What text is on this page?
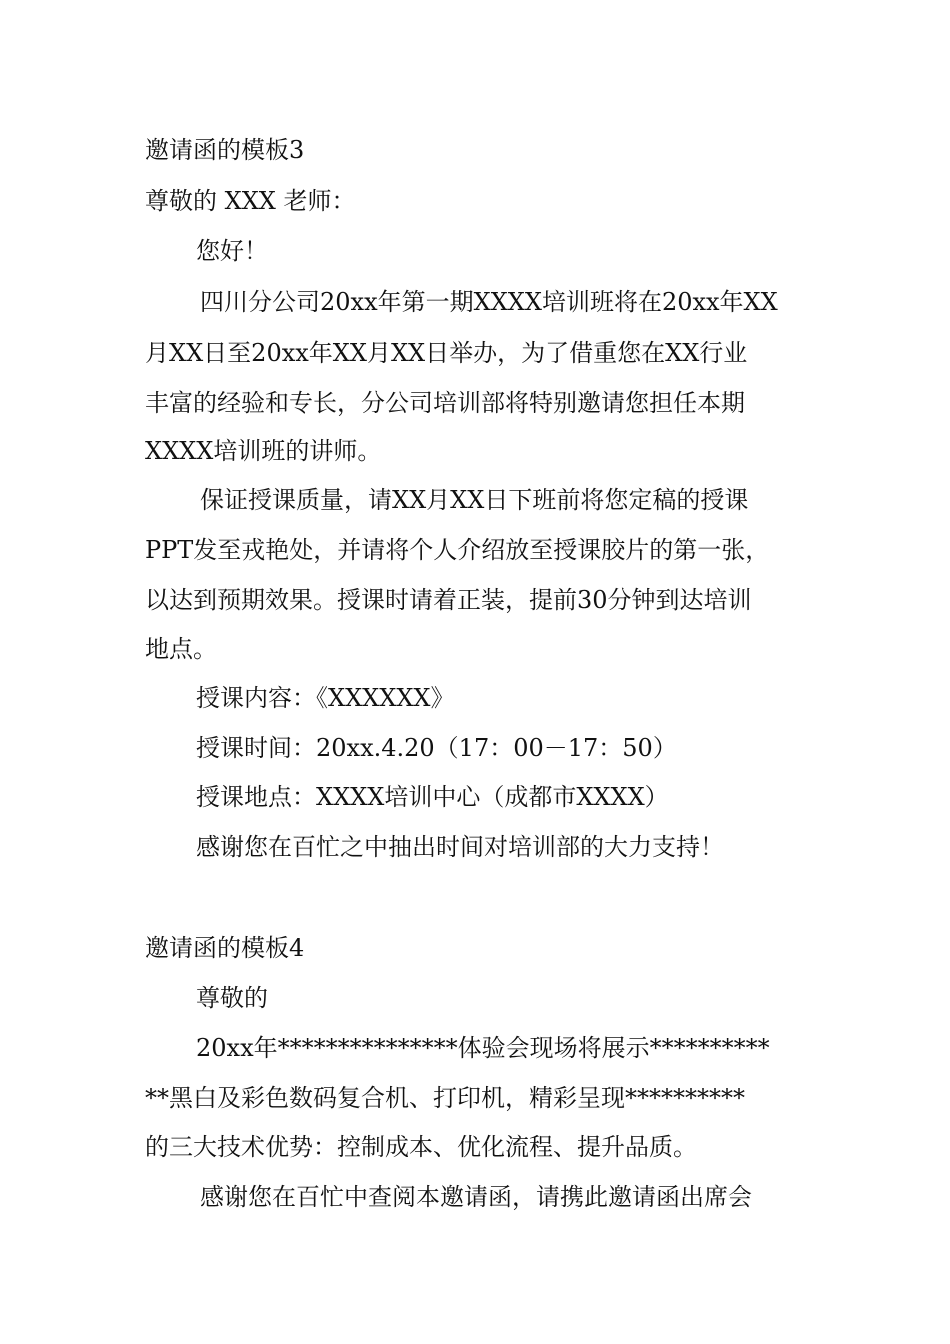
邀请函的模板3

尊敬的 XXX 老师：

您好！

四川分公司20xx年第一期XXXX培训班将在20xx年XX

月XX日至20xx年XX月XX日举办，为了借重您在XX行业

丰富的经验和专长，分公司培训部将特别邀请您担任本期

XXXX培训班的讲师。

保证授课质量，请XX月XX日下班前将您定稿的授课

PPT发至戎艳处，并请将个人介绍放至授课胶片的第一张，

以达到预期效果。授课时请着正装，提前30分钟到达培训

地点。

授课内容：《XXXXXX》

授课时间：20xx.4.20（17：00－17：50）

授课地点：XXXX培训中心（成都市XXXX）

感谢您在百忙之中抽出时间对培训部的大力支持！

邀请函的模板4

尊敬的

20xx年***************体验会现场将展示**********

**黑白及彩色数码复合机、打印机，精彩呈现**********

的三大技术优势：控制成本、优化流程、提升品质。

感谢您在百忙中查阅本邀请函，请携此邀请函出席会
